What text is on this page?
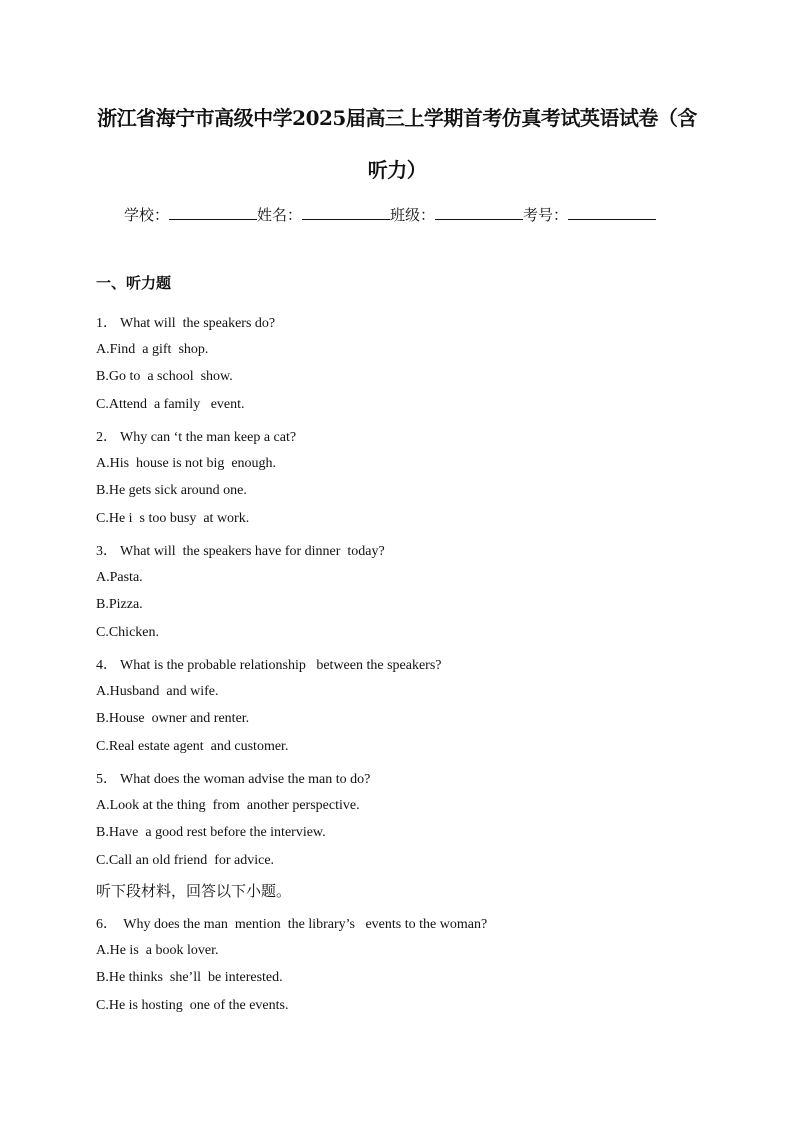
浙江省海宁市高级中学2025届高三上学期首考仿真考试英语试卷（含
听力）
学校：	姓名：	班级：	考号：
一、听力题
1． What will  the speakers do?
A.Find  a gift  shop.
B.Go to  a school  show.
C.Attend  a family   event.
2． Why can ‘t the man keep a cat?
A.His  house is not big  enough.
B.He gets sick around one.
C.He i  s too busy  at work.
3． What will  the speakers have for dinner  today?
A.Pasta.
B.Pizza.
C.Chicken.
4． What is the probable relationship   between the speakers?
A.Husband  and wife.
B.House  owner and renter.
C.Real estate agent  and customer.
5． What does the woman advise the man to do?
A.Look at the thing  from  another perspective.
B.Have  a good rest before the interview.
C.Call an old friend  for advice.
听下段材料，回答以下小题。
6． Why does the man  mention  the library’s   events to the woman?
A.He is  a book lover.
B.He thinks  she’ll  be interested.
C.He is hosting  one of the events.
